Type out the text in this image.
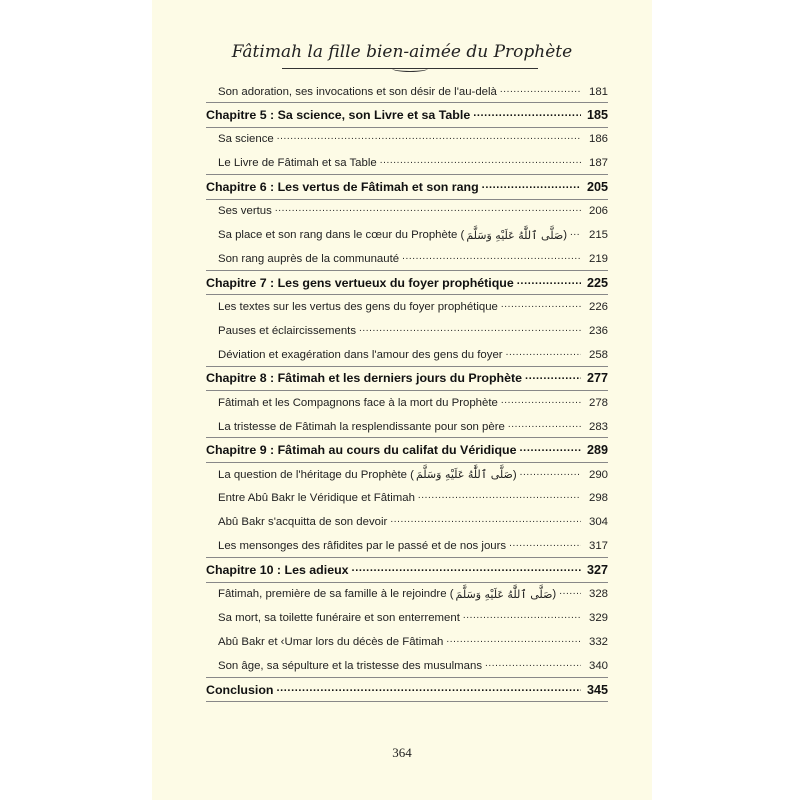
Fâtimah la fille bien-aimée du Prophète
Son adoration, ses invocations et son désir de l'au-delà .....	181
Chapitre 5 : Sa science, son Livre et sa Table .....	185
Sa science .....	186
Le Livre de Fâtimah et sa Table .....	187
Chapitre 6 : Les vertus de Fâtimah et son rang .....	205
Ses vertus .....	206
Sa place et son rang dans le cœur du Prophète ( صَلَّى ٱللَّٰهُ عَلَيْهِ وَسَلَّمَ ) .....	215
Son rang auprès de la communauté .....	219
Chapitre 7 : Les gens vertueux du foyer prophétique .....	225
Les textes sur les vertus des gens du foyer prophétique .....	226
Pauses et éclaircissements .....	236
Déviation et exagération dans l'amour des gens du foyer .....	258
Chapitre 8 : Fâtimah et les derniers jours du Prophète .....	277
Fâtimah et les Compagnons face à la mort du Prophète .....	278
La tristesse de Fâtimah la resplendissante pour son père .....	283
Chapitre 9 : Fâtimah au cours du califat du Véridique .....	289
La question de l'héritage du Prophète ( صَلَّى ٱللَّٰهُ عَلَيْهِ وَسَلَّمَ ) .....	290
Entre Abû Bakr le Véridique et Fâtimah .....	298
Abû Bakr s'acquitta de son devoir .....	304
Les mensonges des râfidites par le passé et de nos jours .....	317
Chapitre 10 : Les adieux .....	327
Fâtimah, première de sa famille à le rejoindre ( صَلَّى ٱللَّٰهُ عَلَيْهِ وَسَلَّمَ ) .....	328
Sa mort, sa toilette funéraire et son enterrement .....	329
Abû Bakr et ‹Umar lors du décès de Fâtimah .....	332
Son âge, sa sépulture et la tristesse des musulmans .....	340
Conclusion .....	345
364
